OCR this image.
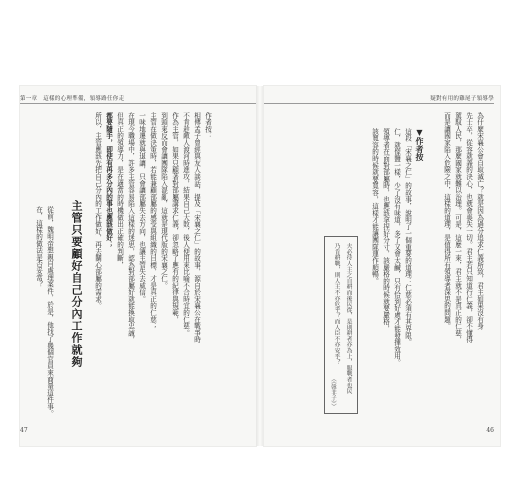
第一章　這樣的心理準備，領導路任你走
作者按：
相傳孟子曾經與友人談話，提及「宋襄之仁」的故事，源自於宋襄公在戰爭時
不肯趁敵人渡河時進攻，結果自己大敗，後人便用來比喻不合時宜的仁慈。
作為主管，如果只顧著對部屬講求仁義，卻忽略了應有的紀律與規範，
到頭來反而會讓團隊陷入混亂，這就是現代版的宋襄之仁。
主管在做決策時，若能兼顧部屬的感受與組織的目標，才是真正的仁慈；
一味地遷就與退讓，只會讓部屬失去方向，也讓主管失去威信。
在現今職場中，許多主管容易陷入這樣的迷思，認為對部屬好就能換取忠誠，
但真正的領導力，是在適當的時機做出正確的判斷，
都要隨手，即使有再多分內的事也應該做好；
所以，主管應該先把自己分內的工作做好，再去關心部屬的需求。
主管只要顧好自己分內工作就夠
從前，魏明帝想親自處理案件，於是，他找了幾個官員來商量這件事。
在，這樣的做法是否妥當？
47
疑對有用的雞尾子領導學
為什麼宋襄公會自取滅亡？就是因為過分追求仁義所致，君主如果沒有身
先士卒，從容就義的決心，也就會喪失一切。君主若只知道行仁義，卻不懂得
駕馭人民，那麼國家就難以治理。可是，這麼一來，君主就不是真正的仁慈，
而是讓國家陷入危險之中，這樣的道理，是值得所有領導者深思的問題。
▼作者按
這段「宋襄之仁」的故事，說明了一個重要的道理：仁慈必須有其界限。
仁，就像鹽一樣，少了沒有味道，多了又會太鹹，只有恰到好處才能發揮效用。
領導者在面對部屬時，也應該拿捏好分寸，該嚴格的時候就要嚴格，
該寬容的時候就要寬容，這樣才能讓團隊運作順暢。
夫必待人主之自耕而後民從，是則耕者亦為上，服戰者也民
乃肯耕戰，則人主不亦危乎？而人臣不亦安乎？
（《韓非子》）
46
